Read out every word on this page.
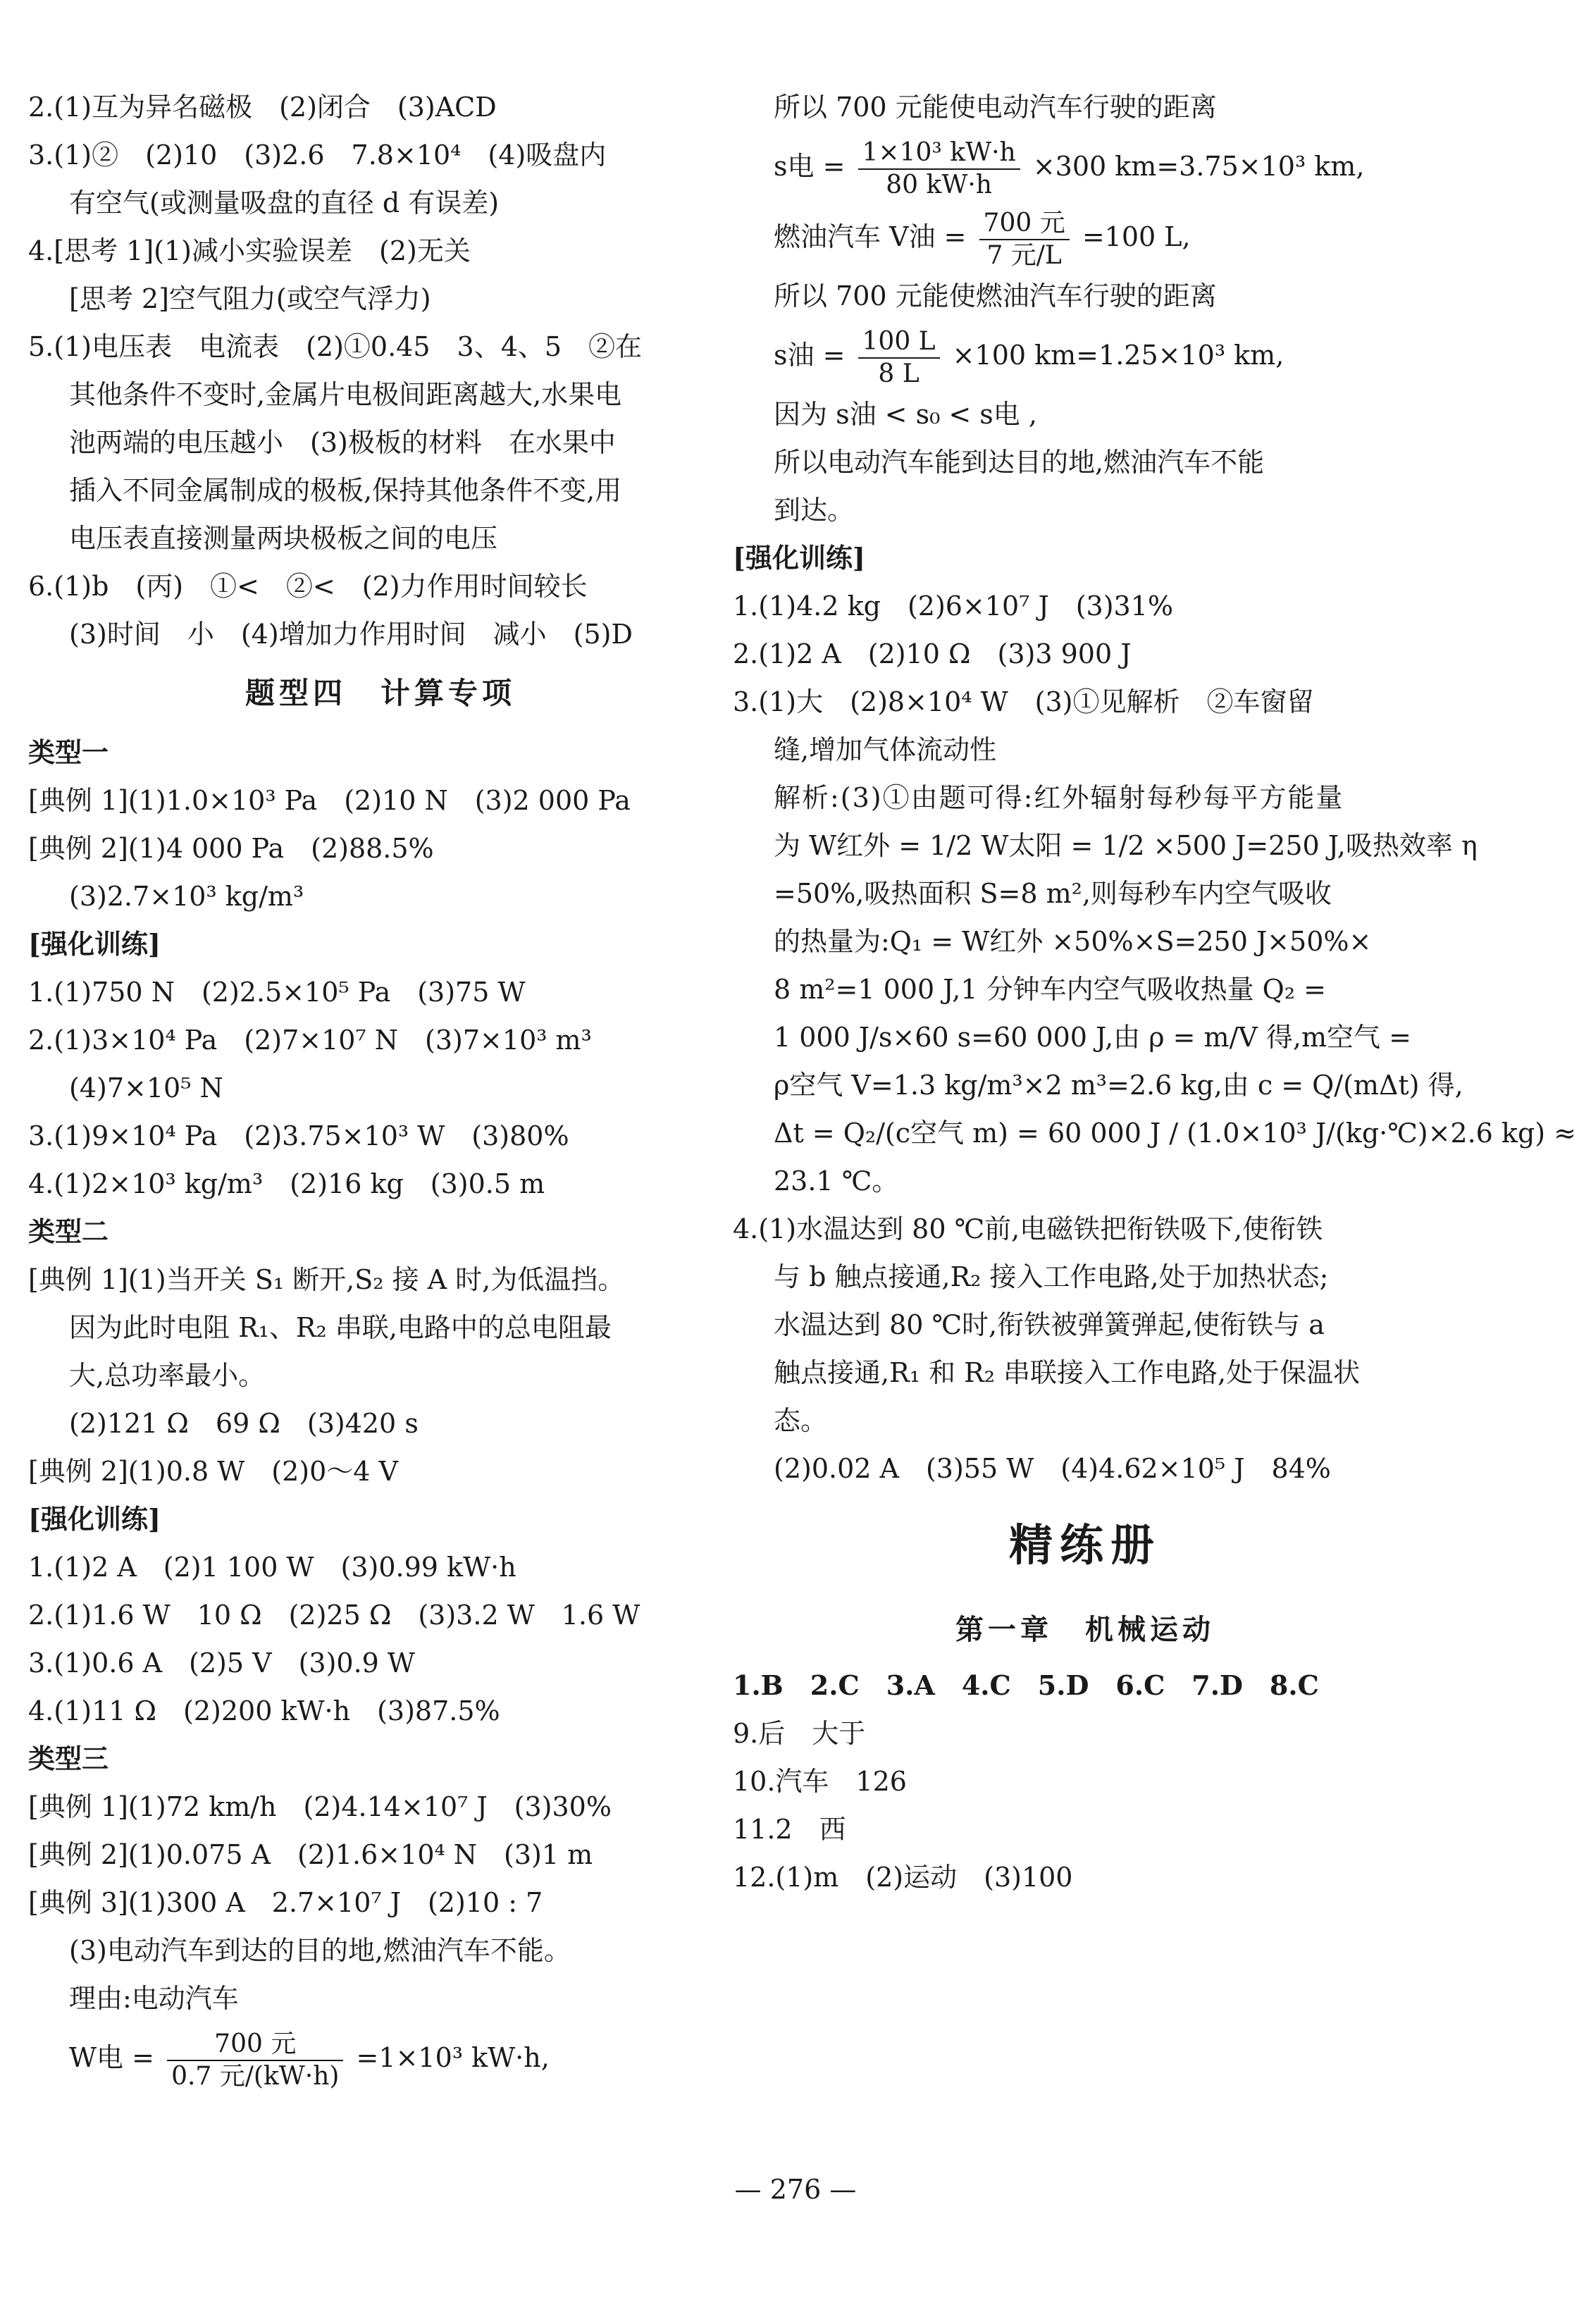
2.(1)互为异名磁极　(2)闭合　(3)ACD
3.(1)②　(2)10　(3)2.6　7.8×10⁴　(4)吸盘内
有空气(或测量吸盘的直径 d 有误差)
4.[思考 1](1)减小实验误差　(2)无关
[思考 2]空气阻力(或空气浮力)
5.(1)电压表　电流表　(2)①0.45　3、4、5　②在
其他条件不变时,金属片电极间距离越大,水果电
池两端的电压越小　(3)极板的材料　在水果中
插入不同金属制成的极板,保持其他条件不变,用
电压表直接测量两块极板之间的电压
6.(1)b　(丙)　①<　②<　(2)力作用时间较长
(3)时间　小　(4)增加力作用时间　减小　(5)D
题型四　计算专项
类型一
[典例 1](1)1.0×10³ Pa　(2)10 N　(3)2 000 Pa
[典例 2](1)4 000 Pa　(2)88.5%
(3)2.7×10³ kg/m³
[强化训练]
1.(1)750 N　(2)2.5×10⁵ Pa　(3)75 W
2.(1)3×10⁴ Pa　(2)7×10⁷ N　(3)7×10³ m³
(4)7×10⁵ N
3.(1)9×10⁴ Pa　(2)3.75×10³ W　(3)80%
4.(1)2×10³ kg/m³　(2)16 kg　(3)0.5 m
类型二
[典例 1](1)当开关 S₁ 断开,S₂ 接 A 时,为低温挡。
因为此时电阻 R₁、R₂ 串联,电路中的总电阻最
大,总功率最小。
(2)121 Ω　69 Ω　(3)420 s
[典例 2](1)0.8 W　(2)0～4 V
[强化训练]
1.(1)2 A　(2)1 100 W　(3)0.99 kW·h
2.(1)1.6 W　10 Ω　(2)25 Ω　(3)3.2 W　1.6 W
3.(1)0.6 A　(2)5 V　(3)0.9 W
4.(1)11 Ω　(2)200 kW·h　(3)87.5%
类型三
[典例 1](1)72 km/h　(2)4.14×10⁷ J　(3)30%
[典例 2](1)0.075 A　(2)1.6×10⁴ N　(3)1 m
[典例 3](1)300 A　2.7×10⁷ J　(2)10 : 7
(3)电动汽车到达的目的地,燃油汽车不能。
理由:电动汽车
W电 = $\frac{\text{700 元}}{\text{0.7 元/(kW·h)}} =1\times 10^3$ kW·h,
所以 700 元能使电动汽车行驶的距离
s电 = $\frac{\text{1×10³ kW·h}}{80 kW\cdot h} \times 300$ km=3.75×10³ km,
燃油汽车 V油 = $\frac{\text{700 元}}{\text{7 元/L}} =100$ L,
所以 700 元能使燃油汽车行驶的距离
s油 = $\frac{100 L}{8 L} \times 100$ km=1.25×10³ km,
因为 s油 < s₀ < s电 ,
所以电动汽车能到达目的地,燃油汽车不能
到达。
[强化训练]
1.(1)4.2 kg　(2)6×10⁷ J　(3)31%
2.(1)2 A　(2)10 Ω　(3)3 900 J
3.(1)大　(2)8×10⁴ W　(3)①见解析　②车窗留
缝,增加气体流动性
解析:(3)①由题可得:红外辐射每秒每平方能量
为 W红外 = 1/2 W太阳 = 1/2 ×500 J=250 J,吸热效率 η
=50%,吸热面积 S=8 m²,则每秒车内空气吸收
的热量为:Q₁ = W红外 ×50%×S=250 J×50%×
8 m²=1 000 J,1 分钟车内空气吸收热量 Q₂ =
1 000 J/s×60 s=60 000 J,由 ρ = m/V 得,m空气 =
ρ空气 V=1.3 kg/m³×2 m³=2.6 kg,由 c = Q/(mΔt) 得,
Δt = Q₂/(c空气 m) = 60 000 J / (1.0×10³ J/(kg·℃)×2.6 kg) ≈
23.1 ℃。
4.(1)水温达到 80 ℃前,电磁铁把衔铁吸下,使衔铁
与 b 触点接通,R₂ 接入工作电路,处于加热状态;
水温达到 80 ℃时,衔铁被弹簧弹起,使衔铁与 a
触点接通,R₁ 和 R₂ 串联接入工作电路,处于保温状
态。
(2)0.02 A　(3)55 W　(4)4.62×10⁵ J　84%
精练册
第一章　机械运动
1.B　2.C　3.A　4.C　5.D　6.C　7.D　8.C
9.后　大于
10.汽车　126
11.2　西
12.(1)m　(2)运动　(3)100
— 276 —
